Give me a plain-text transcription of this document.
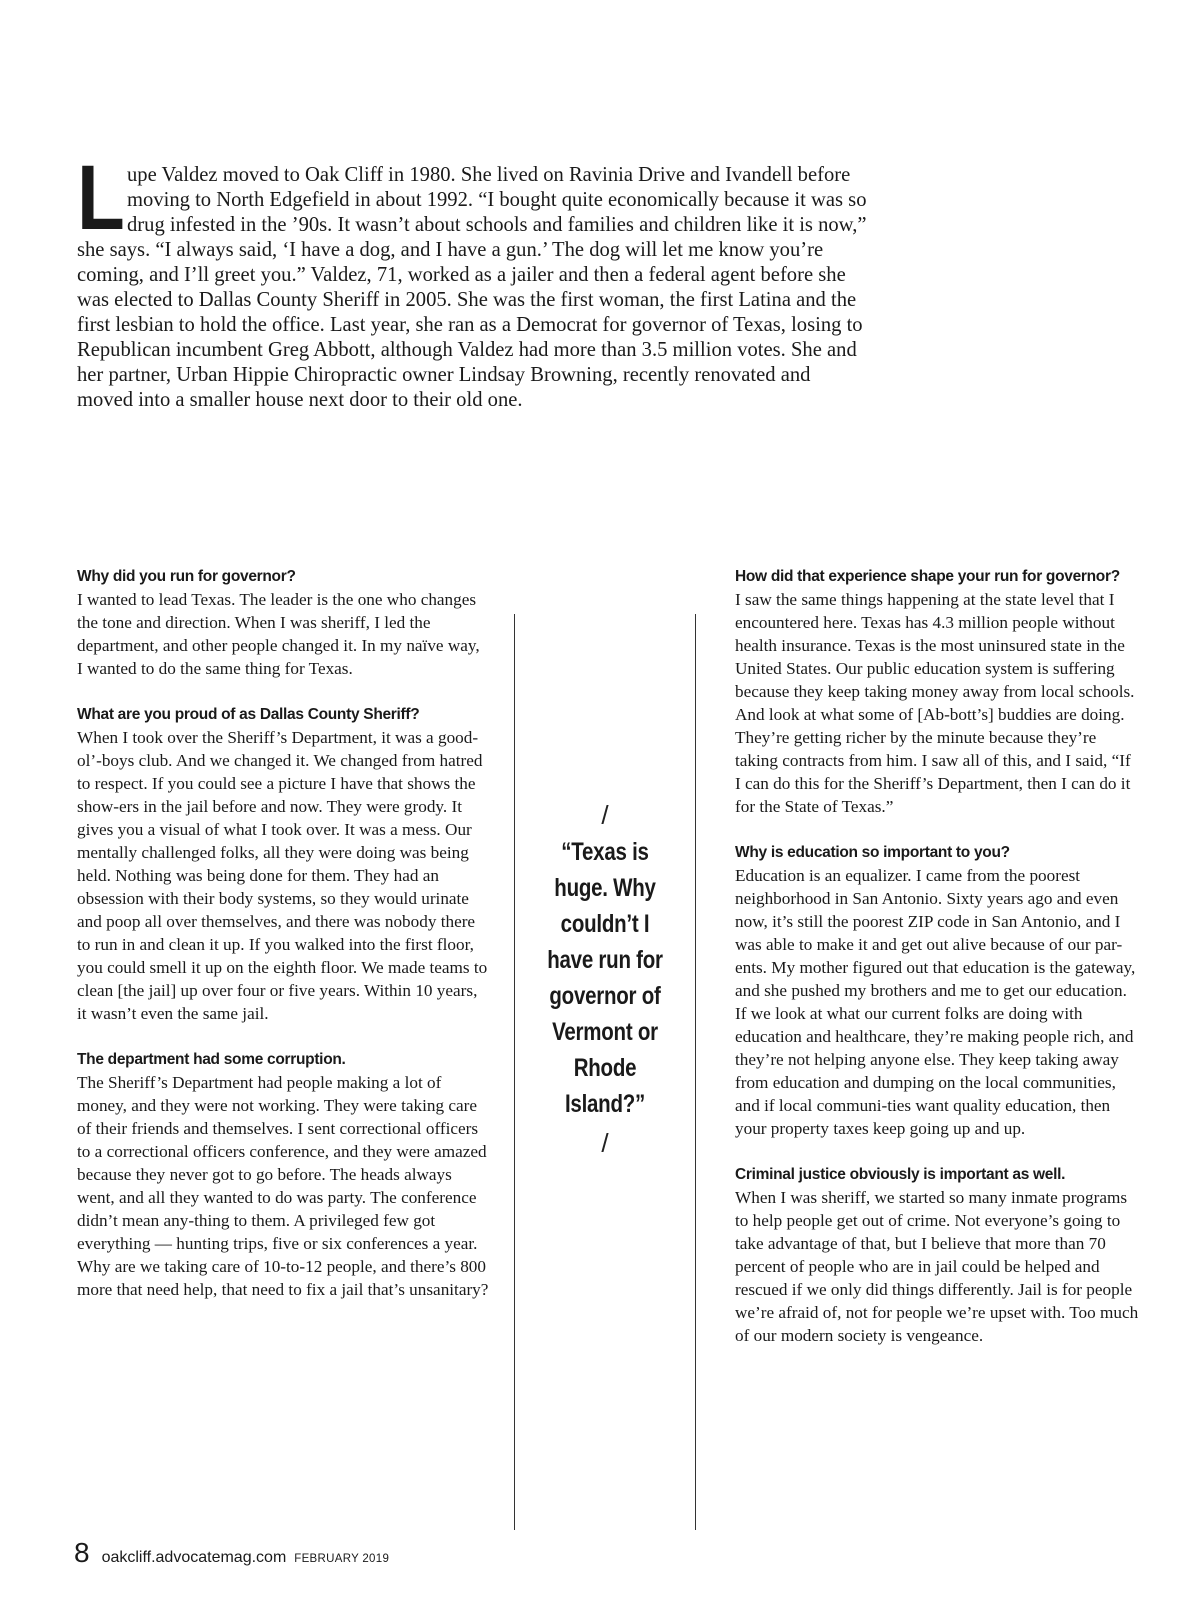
Lupe Valdez moved to Oak Cliff in 1980. She lived on Ravinia Drive and Ivandell before moving to North Edgefield in about 1992. “I bought quite economically because it was so drug infested in the ’90s. It wasn’t about schools and families and children like it is now,” she says. “I always said, ‘I have a dog, and I have a gun.’ The dog will let me know you’re coming, and I’ll greet you.” Valdez, 71, worked as a jailer and then a federal agent before she was elected to Dallas County Sheriff in 2005. She was the first woman, the first Latina and the first lesbian to hold the office. Last year, she ran as a Democrat for governor of Texas, losing to Republican incumbent Greg Abbott, although Valdez had more than 3.5 million votes. She and her partner, Urban Hippie Chiropractic owner Lindsay Browning, recently renovated and moved into a smaller house next door to their old one.

Why did you run for governor?
I wanted to lead Texas. The leader is the one who changes the tone and direction. When I was sheriff, I led the department, and other people changed it. In my naïve way, I wanted to do the same thing for Texas.
What are you proud of as Dallas County Sheriff?
When I took over the Sheriff’s Department, it was a good-ol’-boys club. And we changed it. We changed from hatred to respect. If you could see a picture I have that shows the show-ers in the jail before and now. They were grody. It gives you a visual of what I took over. It was a mess. Our mentally challenged folks, all they were doing was being held. Nothing was being done for them. They had an obsession with their body systems, so they would urinate and poop all over themselves, and there was nobody there to run in and clean it up. If you walked into the first floor, you could smell it up on the eighth floor. We made teams to clean [the jail] up over four or five years. Within 10 years, it wasn’t even the same jail.
The department had some corruption.
The Sheriff’s Department had people making a lot of money, and they were not working. They were taking care of their friends and themselves. I sent correctional officers to a correctional officers conference, and they were amazed because they never got to go before. The heads always went, and all they wanted to do was party. The conference didn’t mean any-thing to them. A privileged few got everything — hunting trips, five or six conferences a year. Why are we taking care of 10-to-12 people, and there’s 800 more that need help, that need to fix a jail that’s unsanitary?
/
“Texas is huge. Why couldn’t I have run for governor of Vermont or Rhode Island?”
/
How did that experience shape your run for governor?
I saw the same things happening at the state level that I encountered here. Texas has 4.3 million people without health insurance. Texas is the most uninsured state in the United States. Our public education system is suffering because they keep taking money away from local schools. And look at what some of [Ab-bott’s] buddies are doing. They’re getting richer by the minute because they’re taking contracts from him. I saw all of this, and I said, “If I can do this for the Sheriff’s Department, then I can do it for the State of Texas.”
Why is education so important to you?
Education is an equalizer. I came from the poorest neighborhood in San Antonio. Sixty years ago and even now, it’s still the poorest ZIP code in San Antonio, and I was able to make it and get out alive because of our par-ents. My mother figured out that education is the gateway, and she pushed my brothers and me to get our education. If we look at what our current folks are doing with education and healthcare, they’re making people rich, and they’re not helping anyone else. They keep taking away from education and dumping on the local communities, and if local communi-ties want quality education, then your property taxes keep going up and up.
Criminal justice obviously is important as well.
When I was sheriff, we started so many inmate programs to help people get out of crime. Not everyone’s going to take advantage of that, but I believe that more than 70 percent of people who are in jail could be helped and rescued if we only did things differently. Jail is for people we’re afraid of, not for people we’re upset with. Too much of our modern society is vengeance.
8 oakcliff.advocatemag.com FEBRUARY 2019
